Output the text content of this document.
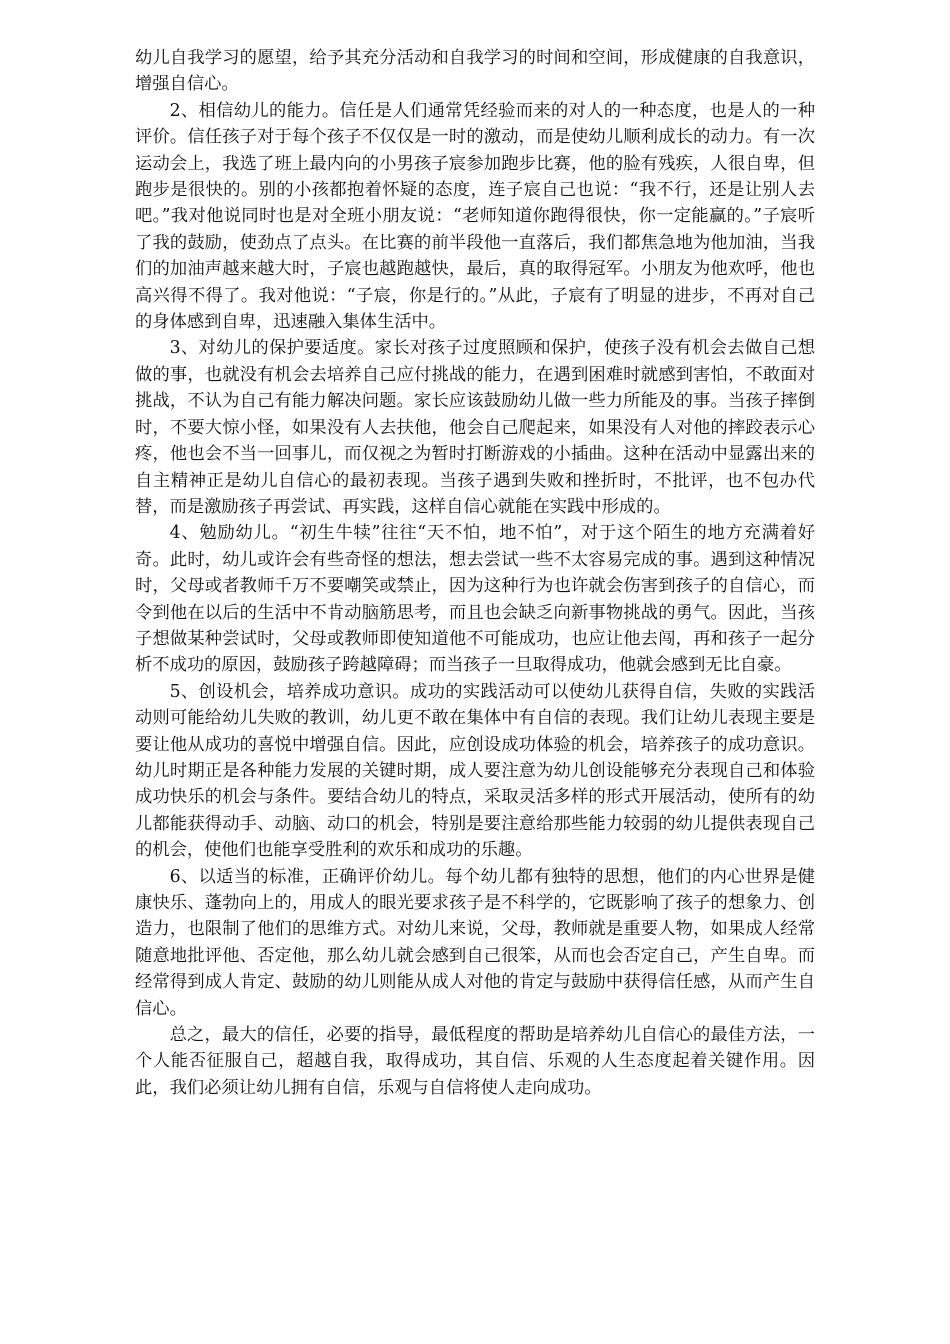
幼儿自我学习的愿望，给予其充分活动和自我学习的时间和空间，形成健康的自我意识，增强自信心。

2、相信幼儿的能力。信任是人们通常凭经验而来的对人的一种态度，也是人的一种评价。信任孩子对于每个孩子不仅仅是一时的激动，而是使幼儿顺利成长的动力。有一次运动会上，我选了班上最内向的小男孩子宸参加跑步比赛，他的脸有残疾，人很自卑，但跑步是很快的。别的小孩都抱着怀疑的态度，连子宸自己也说：“我不行，还是让别人去吧。”我对他说同时也是对全班小朋友说：“老师知道你跑得很快，你一定能赢的。”子宸听了我的鼓励，使劲点了点头。在比赛的前半段他一直落后，我们都焦急地为他加油，当我们的加油声越来越大时，子宸也越跑越快，最后，真的取得冠军。小朋友为他欢呼，他也高兴得不得了。我对他说：“子宸，你是行的。”从此，子宸有了明显的进步，不再对自己的身体感到自卑，迅速融入集体生活中。

3、对幼儿的保护要适度。家长对孩子过度照顾和保护，使孩子没有机会去做自己想做的事，也就没有机会去培养自己应付挑战的能力，在遇到困难时就感到害怕，不敢面对挑战，不认为自己有能力解决问题。家长应该鼓励幼儿做一些力所能及的事。当孩子摔倒时，不要大惊小怪，如果没有人去扶他，他会自己爬起来，如果没有人对他的摔跤表示心疼，他也会不当一回事儿，而仅视之为暂时打断游戏的小插曲。这种在活动中显露出来的自主精神正是幼儿自信心的最初表现。当孩子遇到失败和挫折时，不批评，也不包办代替，而是激励孩子再尝试、再实践，这样自信心就能在实践中形成的。

4、勉励幼儿。“初生牛犊”往往“天不怕，地不怕”，对于这个陌生的地方充满着好奇。此时，幼儿或许会有些奇怪的想法，想去尝试一些不太容易完成的事。遇到这种情况时，父母或者教师千万不要嘲笑或禁止，因为这种行为也许就会伤害到孩子的自信心，而令到他在以后的生活中不肯动脑筋思考，而且也会缺乏向新事物挑战的勇气。因此，当孩子想做某种尝试时，父母或教师即使知道他不可能成功，也应让他去闯，再和孩子一起分析不成功的原因，鼓励孩子跨越障碍；而当孩子一旦取得成功，他就会感到无比自豪。

5、创设机会，培养成功意识。成功的实践活动可以使幼儿获得自信，失败的实践活动则可能给幼儿失败的教训，幼儿更不敢在集体中有自信的表现。我们让幼儿表现主要是要让他从成功的喜悦中增强自信。因此，应创设成功体验的机会，培养孩子的成功意识。幼儿时期正是各种能力发展的关键时期，成人要注意为幼儿创设能够充分表现自己和体验成功快乐的机会与条件。要结合幼儿的特点，采取灵活多样的形式开展活动，使所有的幼儿都能获得动手、动脑、动口的机会，特别是要注意给那些能力较弱的幼儿提供表现自己的机会，使他们也能享受胜利的欢乐和成功的乐趣。

6、以适当的标准，正确评价幼儿。每个幼儿都有独特的思想，他们的内心世界是健康快乐、蓬勃向上的，用成人的眼光要求孩子是不科学的，它既影响了孩子的想象力、创造力，也限制了他们的思维方式。对幼儿来说，父母，教师就是重要人物，如果成人经常随意地批评他、否定他，那么幼儿就会感到自己很笨，从而也会否定自己，产生自卑。而经常得到成人肯定、鼓励的幼儿则能从成人对他的肯定与鼓励中获得信任感，从而产生自信心。

总之，最大的信任，必要的指导，最低程度的帮助是培养幼儿自信心的最佳方法，一个人能否征服自己，超越自我，取得成功，其自信、乐观的人生态度起着关键作用。因此，我们必须让幼儿拥有自信，乐观与自信将使人走向成功。
